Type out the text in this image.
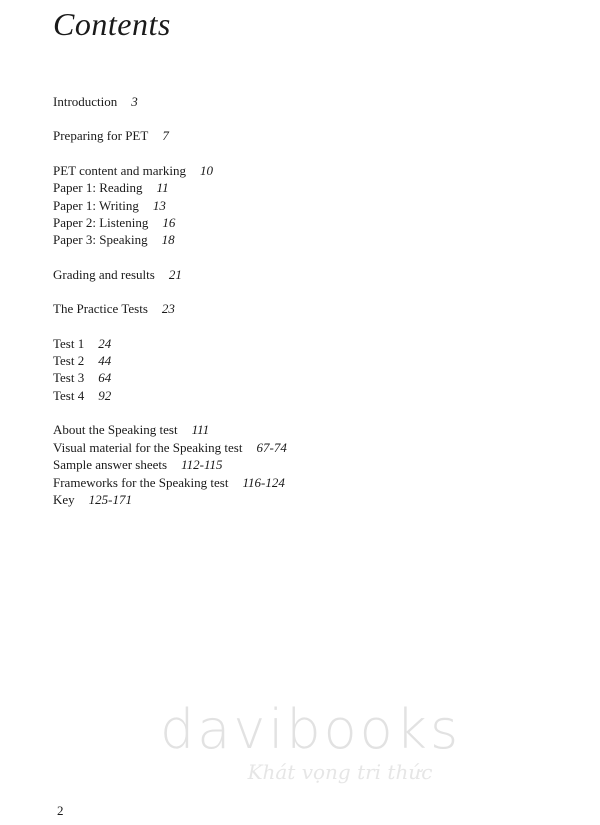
Contents
Introduction 3
Preparing for PET 7
PET content and marking 10
Paper 1: Reading 11
Paper 1: Writing 13
Paper 2: Listening 16
Paper 3: Speaking 18
Grading and results 21
The Practice Tests 23
Test 1 24
Test 2 44
Test 3 64
Test 4 92
About the Speaking test 111
Visual material for the Speaking test 67-74
Sample answer sheets 112-115
Frameworks for the Speaking test 116-124
Key 125-171
davibooks
Khát vọng tri thức
2
